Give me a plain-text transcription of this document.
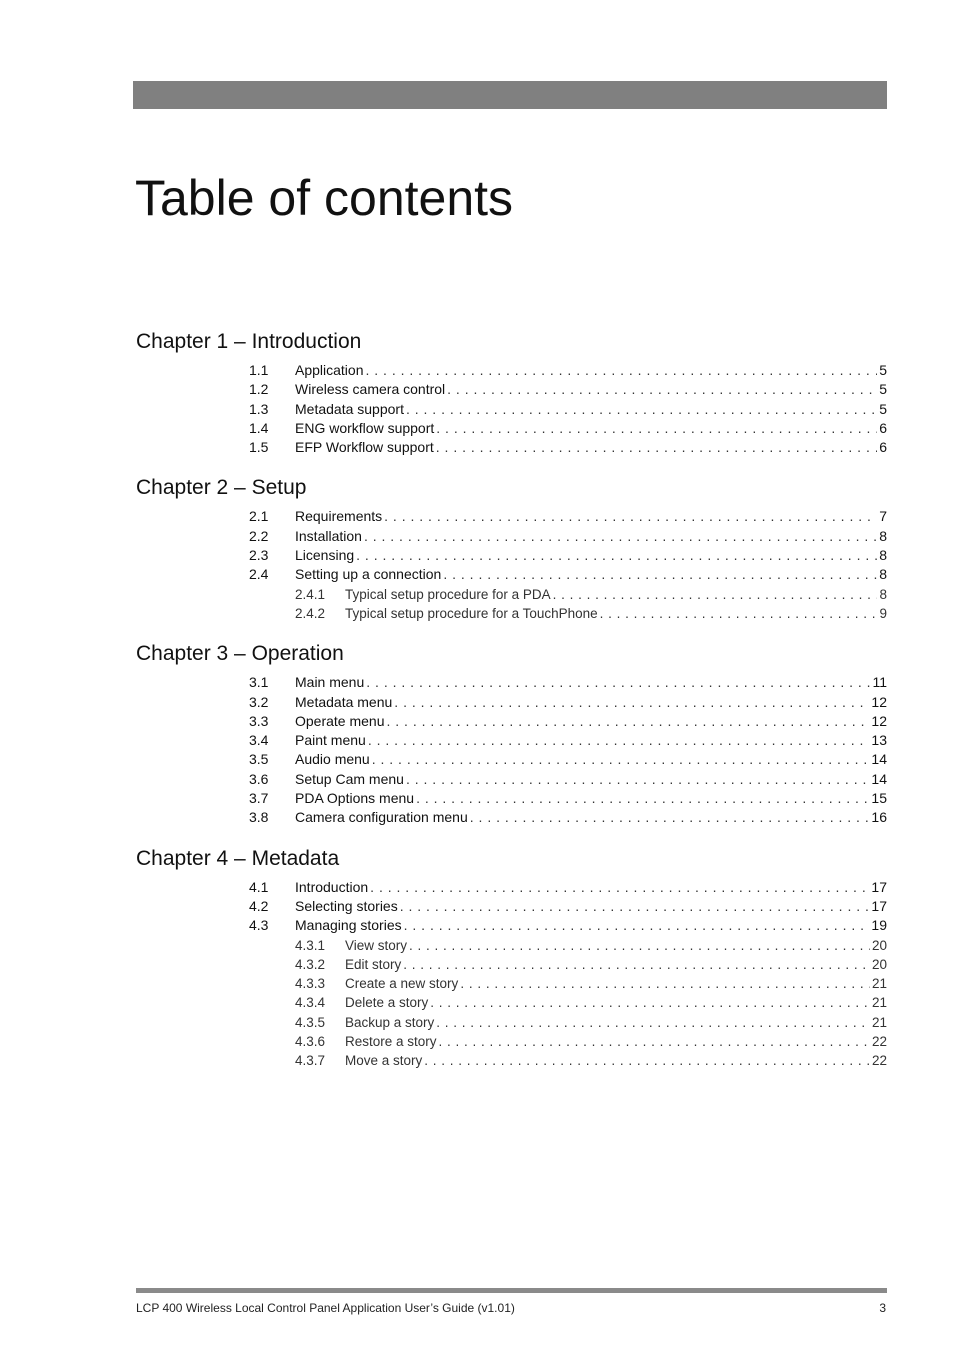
Table of contents
Chapter 1 – Introduction
1.1	Application . . .	5
1.2	Wireless camera control . . .	5
1.3	Metadata support . . .	5
1.4	ENG workflow support . . .	6
1.5	EFP Workflow support . . .	6
Chapter 2 – Setup
2.1	Requirements . . .	7
2.2	Installation . . .	8
2.3	Licensing . . .	8
2.4	Setting up a connection . . .	8
2.4.1	Typical setup procedure for a PDA . . .	8
2.4.2	Typical setup procedure for a TouchPhone . . .	9
Chapter 3 – Operation
3.1	Main menu . . .	11
3.2	Metadata menu . . .	12
3.3	Operate menu . . .	12
3.4	Paint menu . . .	13
3.5	Audio menu . . .	14
3.6	Setup Cam menu . . .	14
3.7	PDA Options menu . . .	15
3.8	Camera configuration menu . . .	16
Chapter 4 – Metadata
4.1	Introduction . . .	17
4.2	Selecting stories . . .	17
4.3	Managing stories . . .	19
4.3.1	View story . . .	20
4.3.2	Edit story . . .	20
4.3.3	Create a new story . . .	21
4.3.4	Delete a story . . .	21
4.3.5	Backup a story . . .	21
4.3.6	Restore a story . . .	22
4.3.7	Move a story . . .	22
LCP 400 Wireless Local Control Panel Application User’s Guide (v1.01)	3
